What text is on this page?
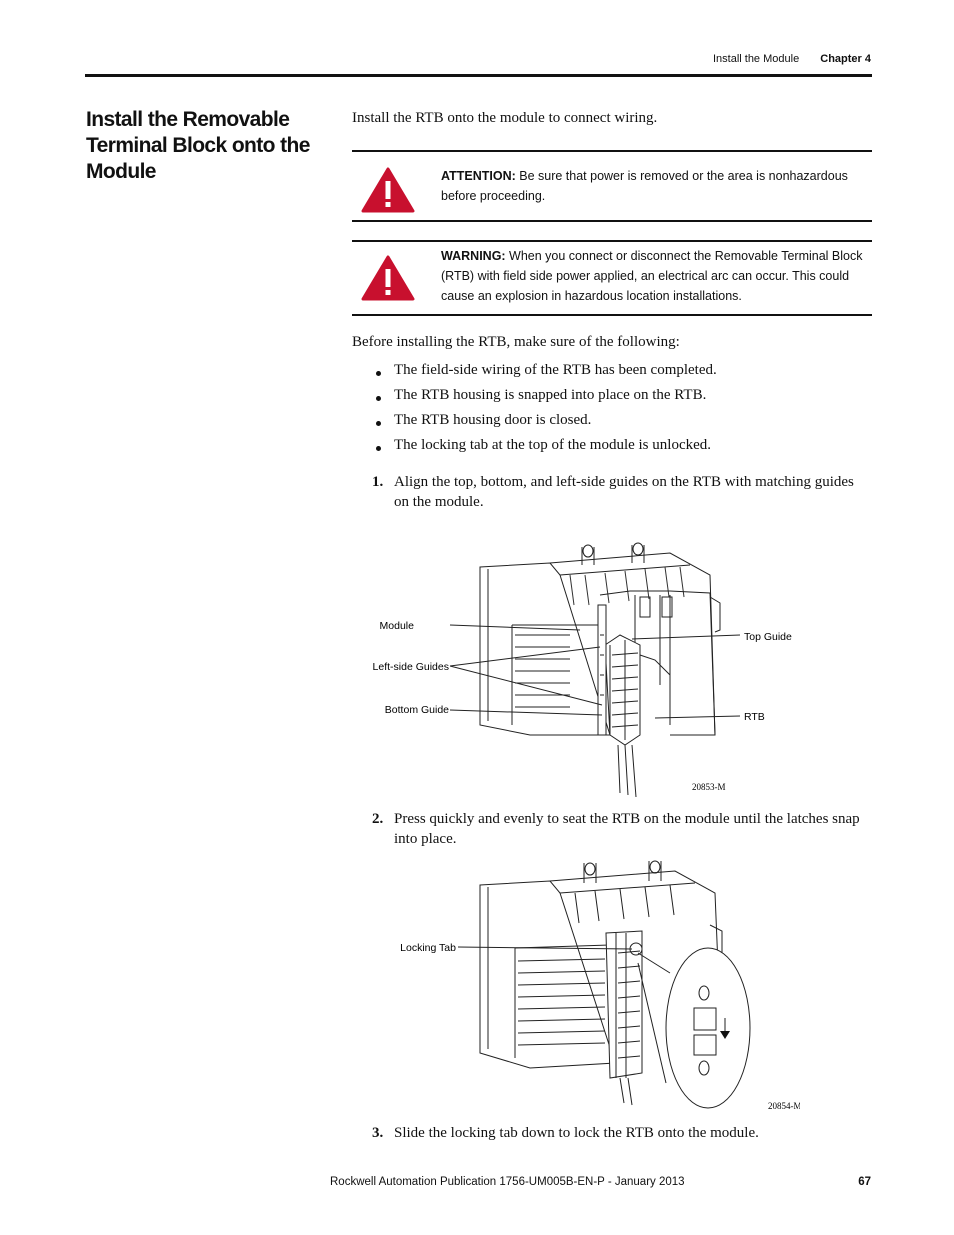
Install the Module Chapter 4
Install the Removable Terminal Block onto the Module
Install the RTB onto the module to connect wiring.
ATTENTION: Be sure that power is removed or the area is nonhazardous before proceeding.
WARNING: When you connect or disconnect the Removable Terminal Block (RTB) with field side power applied, an electrical arc can occur. This could cause an explosion in hazardous location installations.
Before installing the RTB, make sure of the following:
The field-side wiring of the RTB has been completed.
The RTB housing is snapped into place on the RTB.
The RTB housing door is closed.
The locking tab at the top of the module is unlocked.
1. Align the top, bottom, and left-side guides on the RTB with matching guides on the module.
Module
Left-side Guides
Bottom Guide
Top Guide
RTB
20853-M
2. Press quickly and evenly to seat the RTB on the module until the latches snap into place.
Locking Tab
20854-M
3. Slide the locking tab down to lock the RTB onto the module.
Rockwell Automation Publication 1756-UM005B-EN-P - January 2013	67
